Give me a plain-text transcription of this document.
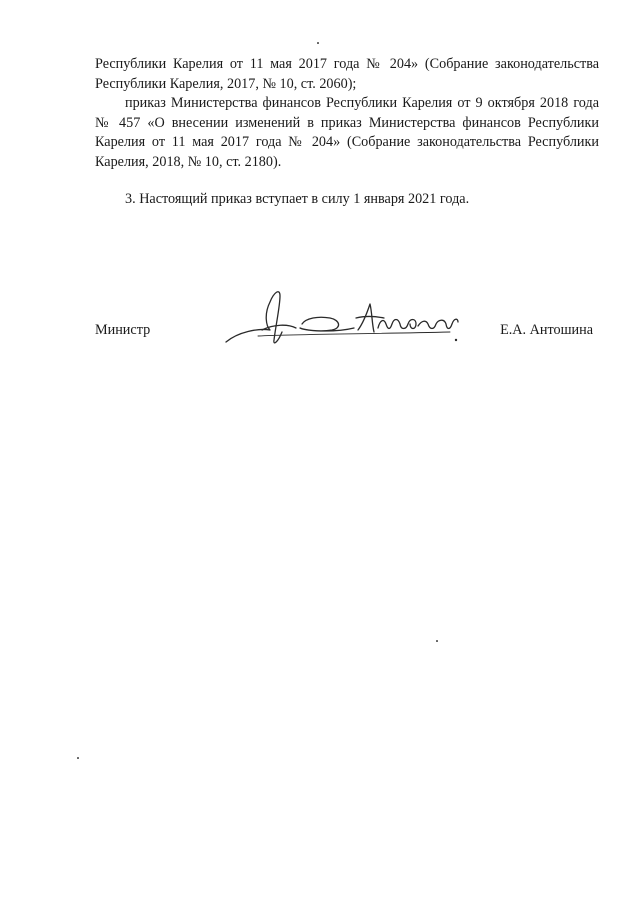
Республики Карелия от 11 мая 2017 года № 204» (Собрание законодательства Республики Карелия, 2017, № 10, ст. 2060);

приказ Министерства финансов Республики Карелия от 9 октября 2018 года № 457 «О внесении изменений в приказ Министерства финансов Республики Карелия от 11 мая 2017 года № 204» (Собрание законодательства Республики Карелия, 2018, № 10, ст. 2180).

3. Настоящий приказ вступает в силу 1 января 2021 года.

Министр	Е.А. Антошина
